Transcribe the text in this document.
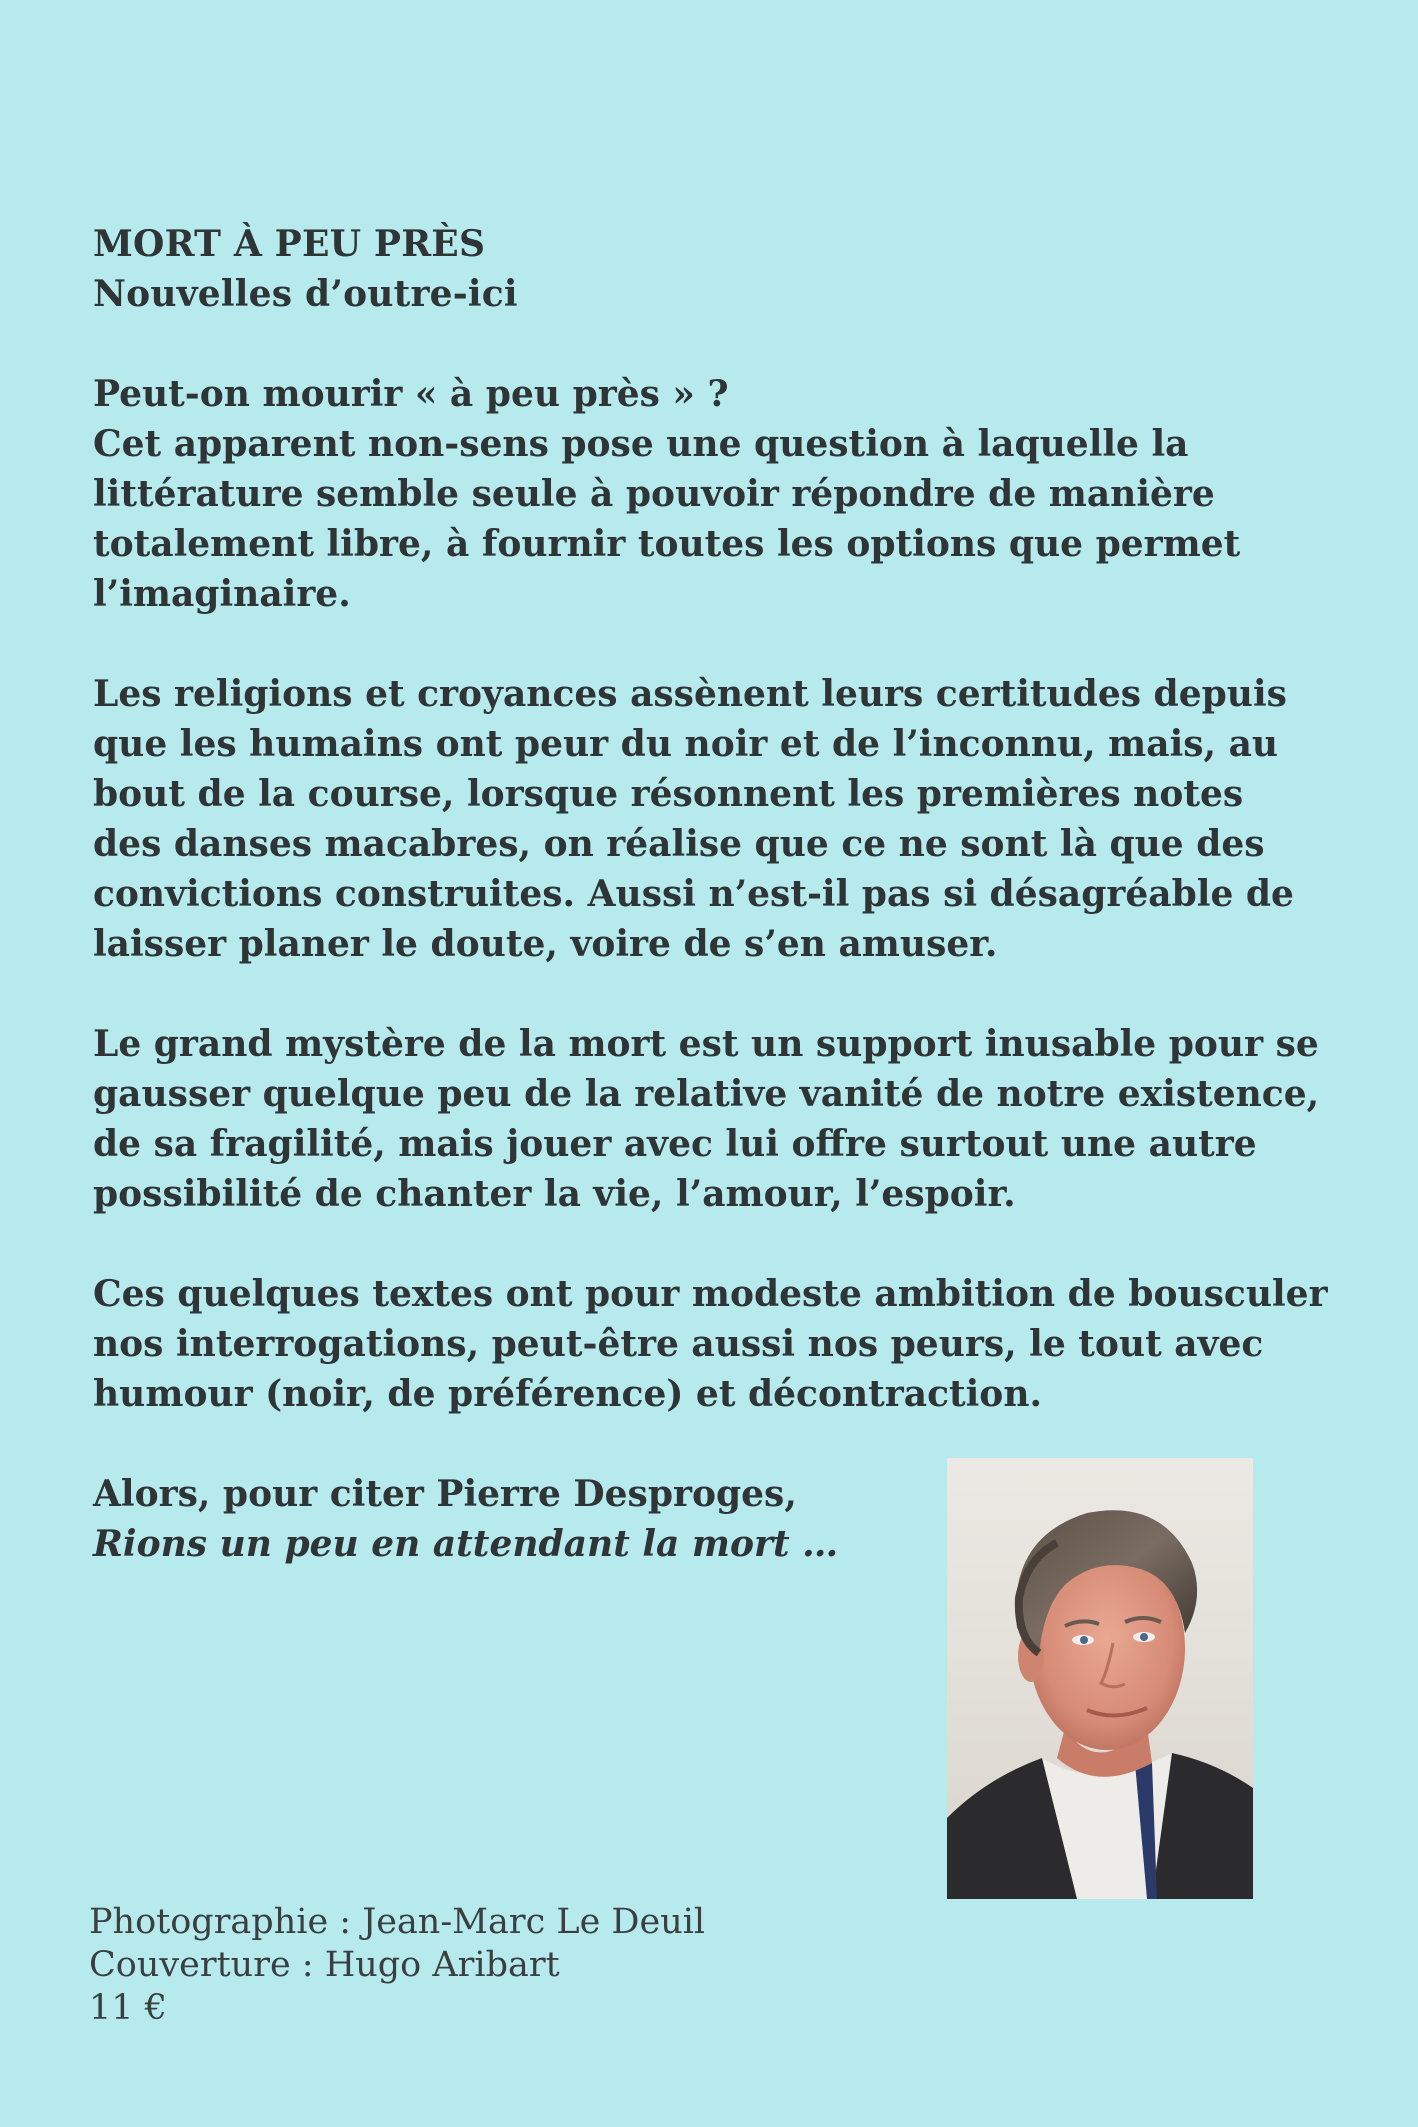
MORT À PEU PRÈS

Nouvelles d’outre-ici

Peut-on mourir « à peu près » ?
Cet apparent non-sens pose une question à laquelle la
littérature semble seule à pouvoir répondre de manière
totalement libre, à fournir toutes les options que permet
l’imaginaire.

Les religions et croyances assènent leurs certitudes depuis
que les humains ont peur du noir et de l’inconnu, mais, au
bout de la course, lorsque résonnent les premières notes
des danses macabres, on réalise que ce ne sont là que des
convictions construites. Aussi n’est-il pas si désagréable de
laisser planer le doute, voire de s’en amuser.

Le grand mystère de la mort est un support inusable pour se
gausser quelque peu de la relative vanité de notre existence,
de sa fragilité, mais jouer avec lui offre surtout une autre
possibilité de chanter la vie, l’amour, l’espoir.

Ces quelques textes ont pour modeste ambition de bousculer
nos interrogations, peut-être aussi nos peurs, le tout avec
humour (noir, de préférence) et décontraction.

Alors, pour citer Pierre Desproges,

Rions un peu en attendant la mort …

Photographie : Jean-Marc Le Deuil
Couverture : Hugo Aribart
11 €
